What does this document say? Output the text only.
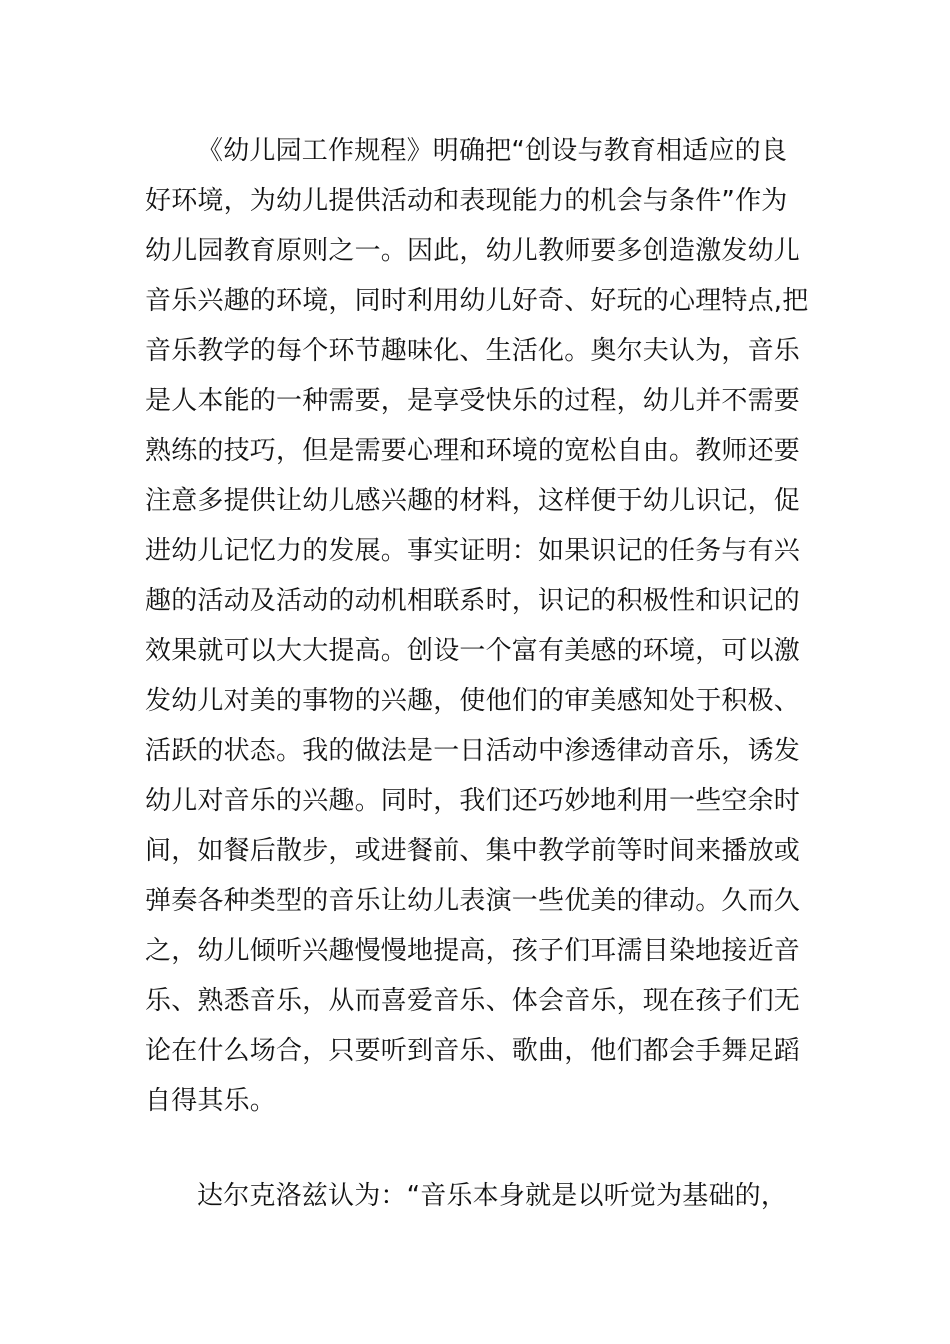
《幼儿园工作规程》明确把“创设与教育相适应的良
好环境，为幼儿提供活动和表现能力的机会与条件”作为
幼儿园教育原则之一。因此，幼儿教师要多创造激发幼儿
音乐兴趣的环境，同时利用幼儿好奇、好玩的心理特点,把
音乐教学的每个环节趣味化、生活化。奥尔夫认为，音乐
是人本能的一种需要，是享受快乐的过程，幼儿并不需要
熟练的技巧，但是需要心理和环境的宽松自由。教师还要
注意多提供让幼儿感兴趣的材料，这样便于幼儿识记，促
进幼儿记忆力的发展。事实证明：如果识记的任务与有兴
趣的活动及活动的动机相联系时，识记的积极性和识记的
效果就可以大大提高。创设一个富有美感的环境，可以激
发幼儿对美的事物的兴趣，使他们的审美感知处于积极、
活跃的状态。我的做法是一日活动中渗透律动音乐，诱发
幼儿对音乐的兴趣。同时，我们还巧妙地利用一些空余时
间，如餐后散步，或进餐前、集中教学前等时间来播放或
弹奏各种类型的音乐让幼儿表演一些优美的律动。久而久
之，幼儿倾听兴趣慢慢地提高，孩子们耳濡目染地接近音
乐、熟悉音乐，从而喜爱音乐、体会音乐，现在孩子们无
论在什么场合，只要听到音乐、歌曲，他们都会手舞足蹈
自得其乐。
达尔克洛兹认为：“音乐本身就是以听觉为基础的，
